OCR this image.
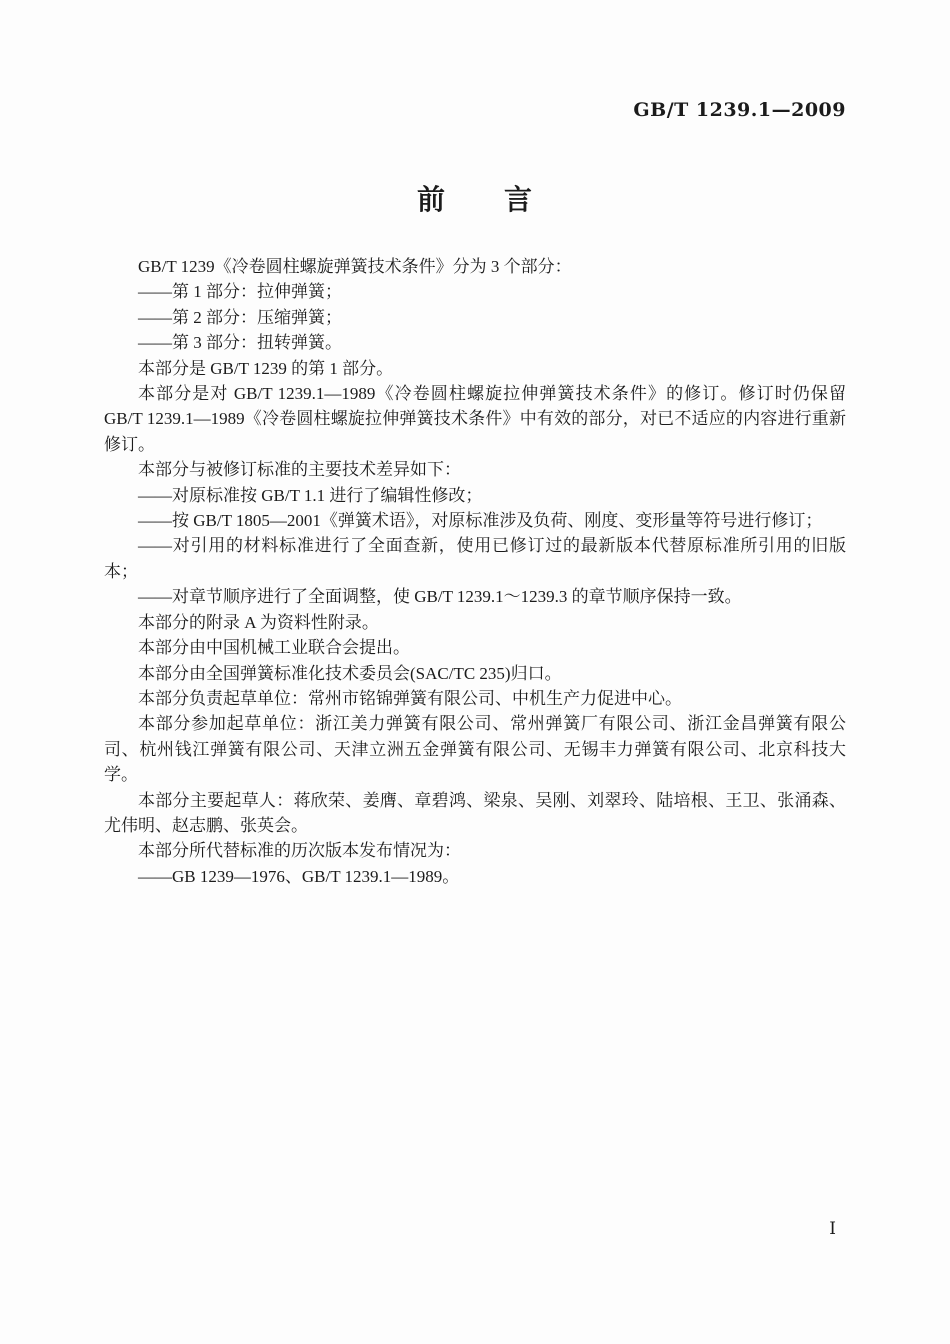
GB/T 1239.1—2009
前　　言

GB/T 1239《冷卷圆柱螺旋弹簧技术条件》分为 3 个部分：

——第 1 部分：拉伸弹簧；

——第 2 部分：压缩弹簧；

——第 3 部分：扭转弹簧。

本部分是 GB/T 1239 的第 1 部分。

本部分是对 GB/T 1239.1—1989《冷卷圆柱螺旋拉伸弹簧技术条件》的修订。修订时仍保留 GB/T 1239.1—1989《冷卷圆柱螺旋拉伸弹簧技术条件》中有效的部分，对已不适应的内容进行重新修订。

本部分与被修订标准的主要技术差异如下：

——对原标准按 GB/T 1.1 进行了编辑性修改；

——按 GB/T 1805—2001《弹簧术语》，对原标准涉及负荷、刚度、变形量等符号进行修订；

——对引用的材料标准进行了全面查新，使用已修订过的最新版本代替原标准所引用的旧版本；

——对章节顺序进行了全面调整，使 GB/T 1239.1～1239.3 的章节顺序保持一致。

本部分的附录 A 为资料性附录。

本部分由中国机械工业联合会提出。

本部分由全国弹簧标准化技术委员会(SAC/TC 235)归口。

本部分负责起草单位：常州市铭锦弹簧有限公司、中机生产力促进中心。

本部分参加起草单位：浙江美力弹簧有限公司、常州弹簧厂有限公司、浙江金昌弹簧有限公司、杭州钱江弹簧有限公司、天津立洲五金弹簧有限公司、无锡丰力弹簧有限公司、北京科技大学。

本部分主要起草人：蒋欣荣、姜膺、章碧鸿、梁泉、吴刚、刘翠玲、陆培根、王卫、张涌森、尤伟明、赵志鹏、张英会。

本部分所代替标准的历次版本发布情况为：

——GB 1239—1976、GB/T 1239.1—1989。

I
